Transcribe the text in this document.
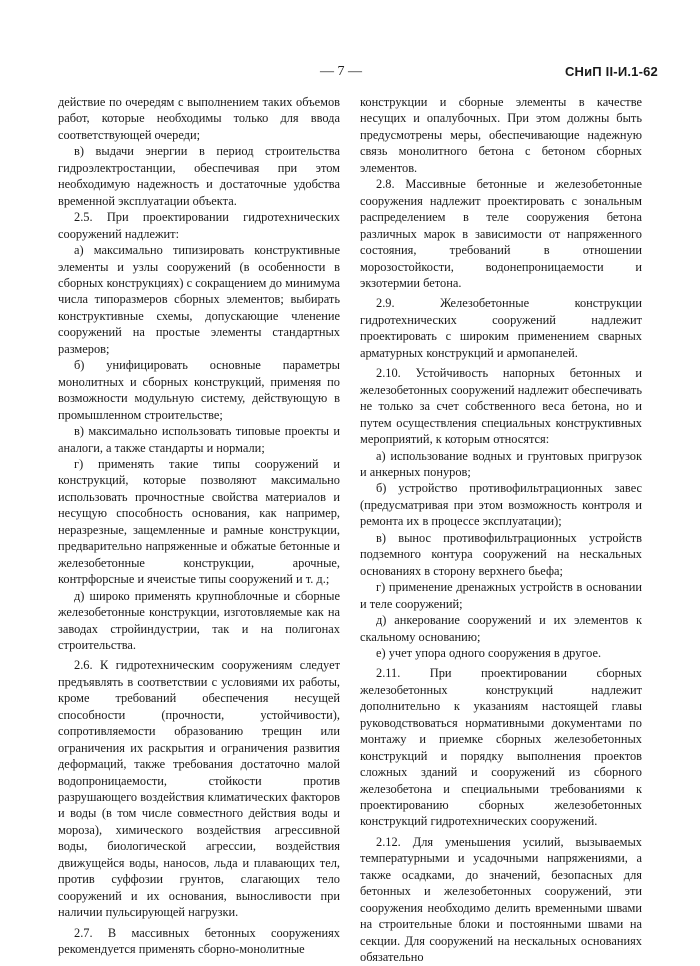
— 7 —	СНиП II-И.1-62

действие по очередям с выполнением таких объемов работ, которые необходимы только для ввода соответствующей очереди;

в) выдачи энергии в период строительства гидроэлектростанции, обеспечивая при этом необходимую надежность и достаточные удобства временной эксплуатации объекта.

2.5. При проектировании гидротехнических сооружений надлежит:

а) максимально типизировать конструктивные элементы и узлы сооружений (в особенности в сборных конструкциях) с сокращением до минимума числа типоразмеров сборных элементов; выбирать конструктивные схемы, допускающие членение сооружений на простые элементы стандартных размеров;

б) унифицировать основные параметры монолитных и сборных конструкций, применяя по возможности модульную систему, действующую в промышленном строительстве;

в) максимально использовать типовые проекты и аналоги, а также стандарты и нормали;

г) применять такие типы сооружений и конструкций, которые позволяют максимально использовать прочностные свойства материалов и несущую способность основания, как например, неразрезные, защемленные и рамные конструкции, предварительно напряженные и обжатые бетонные и железобетонные конструкции, арочные, контрфорсные и ячеистые типы сооружений и т. д.;

д) широко применять крупноблочные и сборные железобетонные конструкции, изготовляемые как на заводах стройиндустрии, так и на полигонах строительства.

2.6. К гидротехническим сооружениям следует предъявлять в соответствии с условиями их работы, кроме требований обеспечения несущей способности (прочности, устойчивости), сопротивляемости образованию трещин или ограничения их раскрытия и ограничения развития деформаций, также требования достаточно малой водопроницаемости, стойкости против разрушающего воздействия климатических факторов и воды (в том числе совместного действия воды и мороза), химического воздействия агрессивной воды, биологической агрессии, воздействия движущейся воды, наносов, льда и плавающих тел, против суффозии грунтов, слагающих тело сооружений и их основания, выносливости при наличии пульсирующей нагрузки.

2.7. В массивных бетонных сооружениях рекомендуется применять сборно-монолитные

конструкции и сборные элементы в качестве несущих и опалубочных. При этом должны быть предусмотрены меры, обеспечивающие надежную связь монолитного бетона с бетоном сборных элементов.

2.8. Массивные бетонные и железобетонные сооружения надлежит проектировать с зональным распределением в теле сооружения бетона различных марок в зависимости от напряженного состояния, требований в отношении морозостойкости, водонепроницаемости и экзотермии бетона.

2.9. Железобетонные конструкции гидротехнических сооружений надлежит проектировать с широким применением сварных арматурных конструкций и армопанелей.

2.10. Устойчивость напорных бетонных и железобетонных сооружений надлежит обеспечивать не только за счет собственного веса бетона, но и путем осуществления специальных конструктивных мероприятий, к которым относятся:

а) использование водных и грунтовых пригрузок и анкерных понуров;

б) устройство противофильтрационных завес (предусматривая при этом возможность контроля и ремонта их в процессе эксплуатации);

в) вынос противофильтрационных устройств подземного контура сооружений на нескальных основаниях в сторону верхнего бьефа;

г) применение дренажных устройств в основании и теле сооружений;

д) анкерование сооружений и их элементов к скальному основанию;

е) учет упора одного сооружения в другое.

2.11. При проектировании сборных железобетонных конструкций надлежит дополнительно к указаниям настоящей главы руководствоваться нормативными документами по монтажу и приемке сборных железобетонных конструкций и порядку выполнения проектов сложных зданий и сооружений из сборного железобетона и специальными требованиями к проектированию сборных железобетонных конструкций гидротехнических сооружений.

2.12. Для уменьшения усилий, вызываемых температурными и усадочными напряжениями, а также осадками, до значений, безопасных для бетонных и железобетонных сооружений, эти сооружения необходимо делить временными швами на строительные блоки и постоянными швами на секции. Для сооружений на нескальных основаниях обязательно
